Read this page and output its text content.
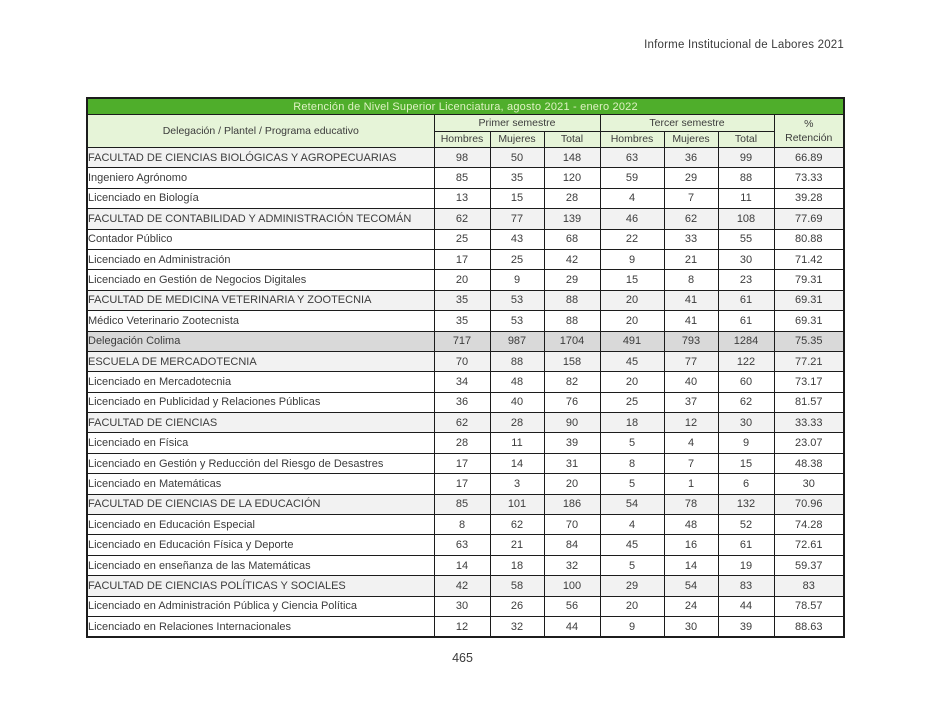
Informe Institucional de Labores 2021
Retención de Nivel Superior Licenciatura, agosto 2021 - enero 2022							
Delegación / Plantel / Programa educativo	Primer semestre			Tercer semestre			%
Retención
	Hombres	Mujeres	Total	Hombres	Mujeres	Total	
FACULTAD DE CIENCIAS BIOLÓGICAS Y AGROPECUARIAS	98	50	148	63	36	99	66.89
Ingeniero Agrónomo	85	35	120	59	29	88	73.33
Licenciado en Biología	13	15	28	4	7	11	39.28
FACULTAD DE CONTABILIDAD Y ADMINISTRACIÓN TECOMÁN	62	77	139	46	62	108	77.69
Contador Público	25	43	68	22	33	55	80.88
Licenciado en Administración	17	25	42	9	21	30	71.42
Licenciado en Gestión de Negocios Digitales	20	9	29	15	8	23	79.31
FACULTAD DE MEDICINA VETERINARIA Y ZOOTECNIA	35	53	88	20	41	61	69.31
Médico Veterinario Zootecnista	35	53	88	20	41	61	69.31
Delegación Colima	717	987	1704	491	793	1284	75.35
ESCUELA DE MERCADOTECNIA	70	88	158	45	77	122	77.21
Licenciado en Mercadotecnia	34	48	82	20	40	60	73.17
Licenciado en Publicidad y Relaciones Públicas	36	40	76	25	37	62	81.57
FACULTAD DE CIENCIAS	62	28	90	18	12	30	33.33
Licenciado en Física	28	11	39	5	4	9	23.07
Licenciado en Gestión y Reducción del Riesgo de Desastres	17	14	31	8	7	15	48.38
Licenciado en Matemáticas	17	3	20	5	1	6	30
FACULTAD DE CIENCIAS DE LA EDUCACIÓN	85	101	186	54	78	132	70.96
Licenciado en Educación Especial	8	62	70	4	48	52	74.28
Licenciado en Educación Física y Deporte	63	21	84	45	16	61	72.61
Licenciado en enseñanza de las Matemáticas	14	18	32	5	14	19	59.37
FACULTAD DE CIENCIAS POLÍTICAS Y SOCIALES	42	58	100	29	54	83	83
Licenciado en Administración Pública y Ciencia Política	30	26	56	20	24	44	78.57
Licenciado en Relaciones Internacionales	12	32	44	9	30	39	88.63
465
